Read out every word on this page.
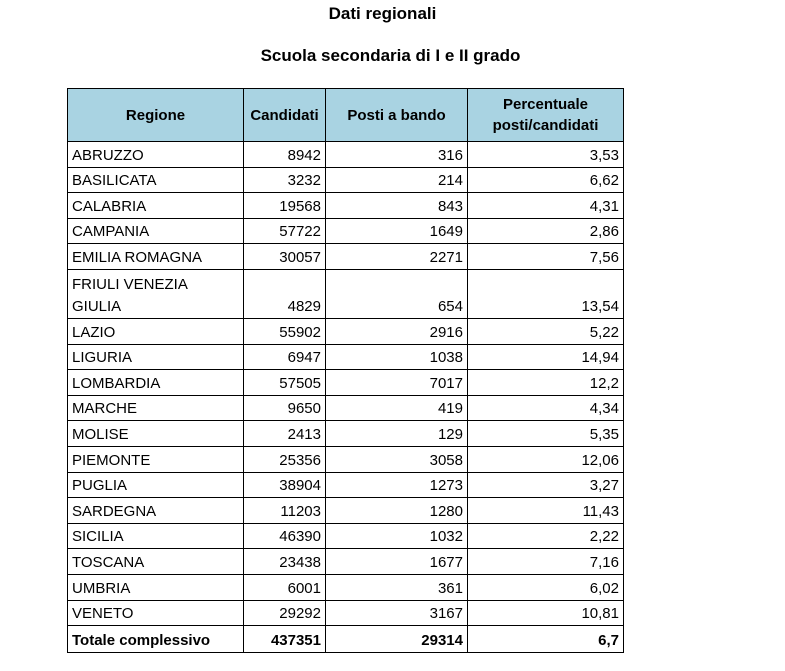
Dati regionali
Scuola secondaria di I e II grado
Regione	Candidati	Posti a bando	Percentuale
posti/candidati

ABRUZZO	8942	316	3,53
BASILICATA	3232	214	6,62
CALABRIA	19568	843	4,31
CAMPANIA	57722	1649	2,86
EMILIA ROMAGNA	30057	2271	7,56

FRIULI VENEZIA
GIULIA	4829	654	13,54
LAZIO	55902	2916	5,22
LIGURIA	6947	1038	14,94
LOMBARDIA	57505	7017	12,2
MARCHE	9650	419	4,34
MOLISE	2413	129	5,35
PIEMONTE	25356	3058	12,06
PUGLIA	38904	1273	3,27
SARDEGNA	11203	1280	11,43
SICILIA	46390	1032	2,22
TOSCANA	23438	1677	7,16
UMBRIA	6001	361	6,02
VENETO	29292	3167	10,81
Totale complessivo	437351	29314	6,7
